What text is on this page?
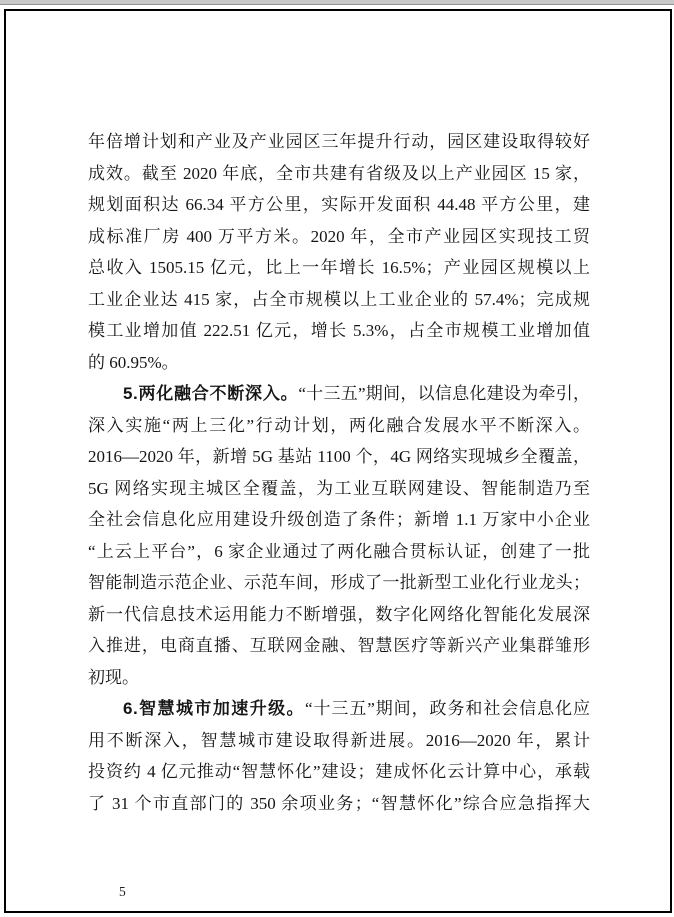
年倍增计划和产业及产业园区三年提升行动，园区建设取得较好
成效。截至 2020 年底，全市共建有省级及以上产业园区 15 家，
规划面积达 66.34 平方公里，实际开发面积 44.48 平方公里，建
成标准厂房 400 万平方米。2020 年，全市产业园区实现技工贸
总收入 1505.15 亿元，比上一年增长 16.5%；产业园区规模以上
工业企业达 415 家，占全市规模以上工业企业的 57.4%；完成规
模工业增加值 222.51 亿元，增长 5.3%，占全市规模工业增加值
的 60.95%。
5.两化融合不断深入。“十三五”期间，以信息化建设为牵引，
深入实施“两上三化”行动计划，两化融合发展水平不断深入。
2016—2020 年，新增 5G 基站 1100 个，4G 网络实现城乡全覆盖，
5G 网络实现主城区全覆盖，为工业互联网建设、智能制造乃至
全社会信息化应用建设升级创造了条件；新增 1.1 万家中小企业
“上云上平台”，6 家企业通过了两化融合贯标认证，创建了一批
智能制造示范企业、示范车间，形成了一批新型工业化行业龙头；
新一代信息技术运用能力不断增强，数字化网络化智能化发展深
入推进，电商直播、互联网金融、智慧医疗等新兴产业集群雏形
初现。
6.智慧城市加速升级。“十三五”期间，政务和社会信息化应
用不断深入，智慧城市建设取得新进展。2016—2020 年，累计
投资约 4 亿元推动“智慧怀化”建设；建成怀化云计算中心，承载
了 31 个市直部门的 350 余项业务；“智慧怀化”综合应急指挥大
5
